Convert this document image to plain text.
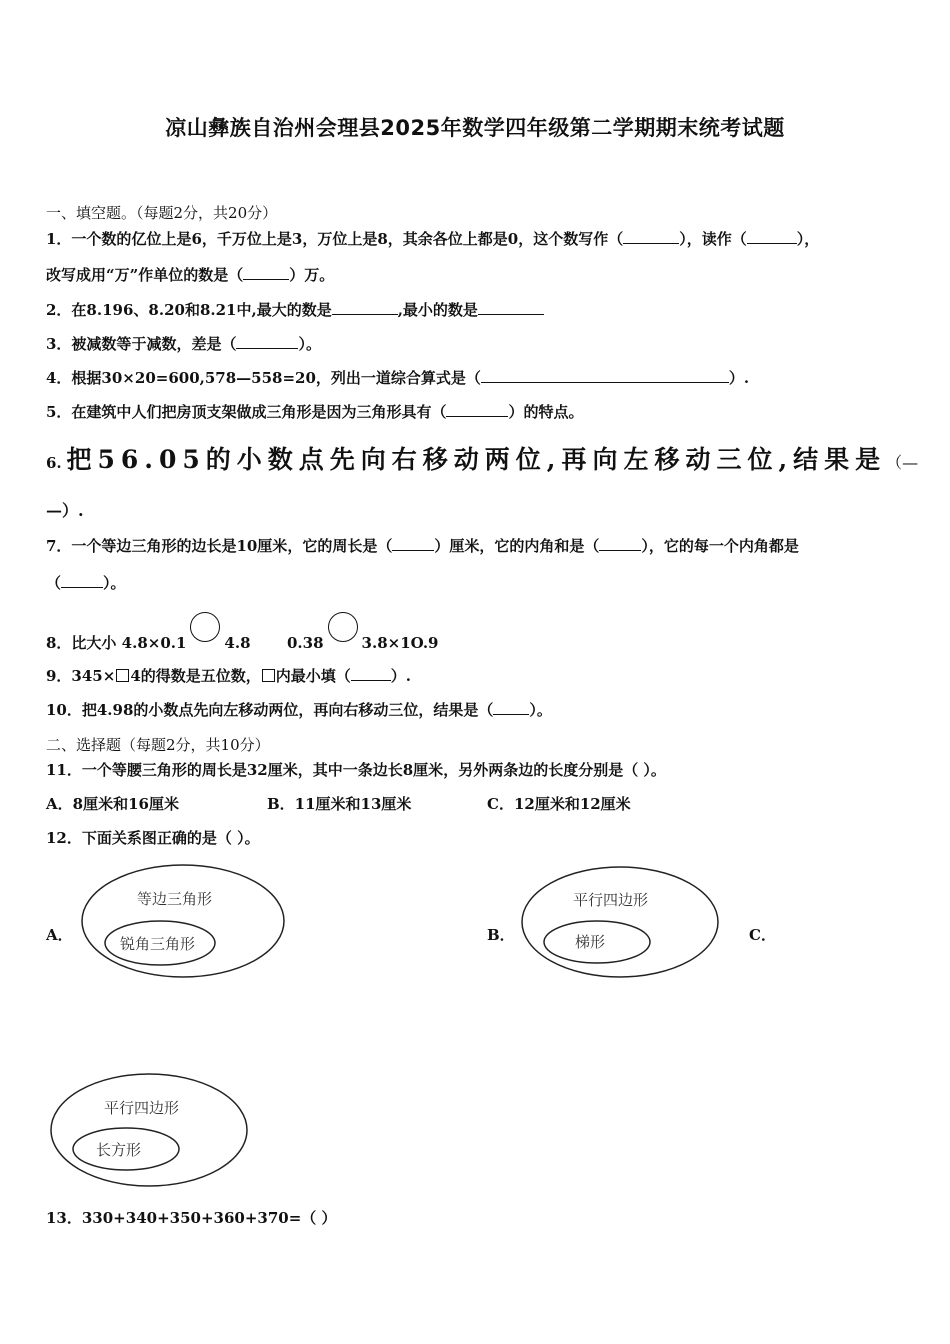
凉山彝族自治州会理县2025年数学四年级第二学期期末统考试题
一、填空题。（每题2分，共20分）
1．一个数的亿位上是6，千万位上是3，万位上是8，其余各位上都是0，这个数写作（	），读作（	），
改写成用“万”作单位的数是（	）万。
2．在8.196、8.20和8.21中,最大的数是	,最小的数是
3．被减数等于减数，差是（	）。
4．根据30×20=600,578—558=20，列出一道综合算式是（	）.
5．在建筑中人们把房顶支架做成三角形是因为三角形具有（	）的特点。
6. 把56.05的小数点先向右移动两位,再向左移动三位,结果是（—
—）.
7．一个等边三角形的边长是10厘米，它的周长是（	）厘米，它的内角和是（	），它的每一个内角都是
（	）。
8．比大小 4.8×0.1	4.8 0.38	3.8×1O.9
9．345× 4的得数是五位数， 内最小填（	）.
10．把4.98的小数点先向左移动两位，再向右移动三位，结果是（ ）。
二、选择题（每题2分，共10分）
11．一个等腰三角形的周长是32厘米，其中一条边长8厘米，另外两条边的长度分别是（ ）。
A．8厘米和16厘米	B．11厘米和13厘米	C．12厘米和12厘米
12．下面关系图正确的是（ ）。
A．	B．	C．
等边三角形
锐角三角形
平行四边形
梯形
平行四边形
长方形
13．330+340+350+360+370=（ ）
